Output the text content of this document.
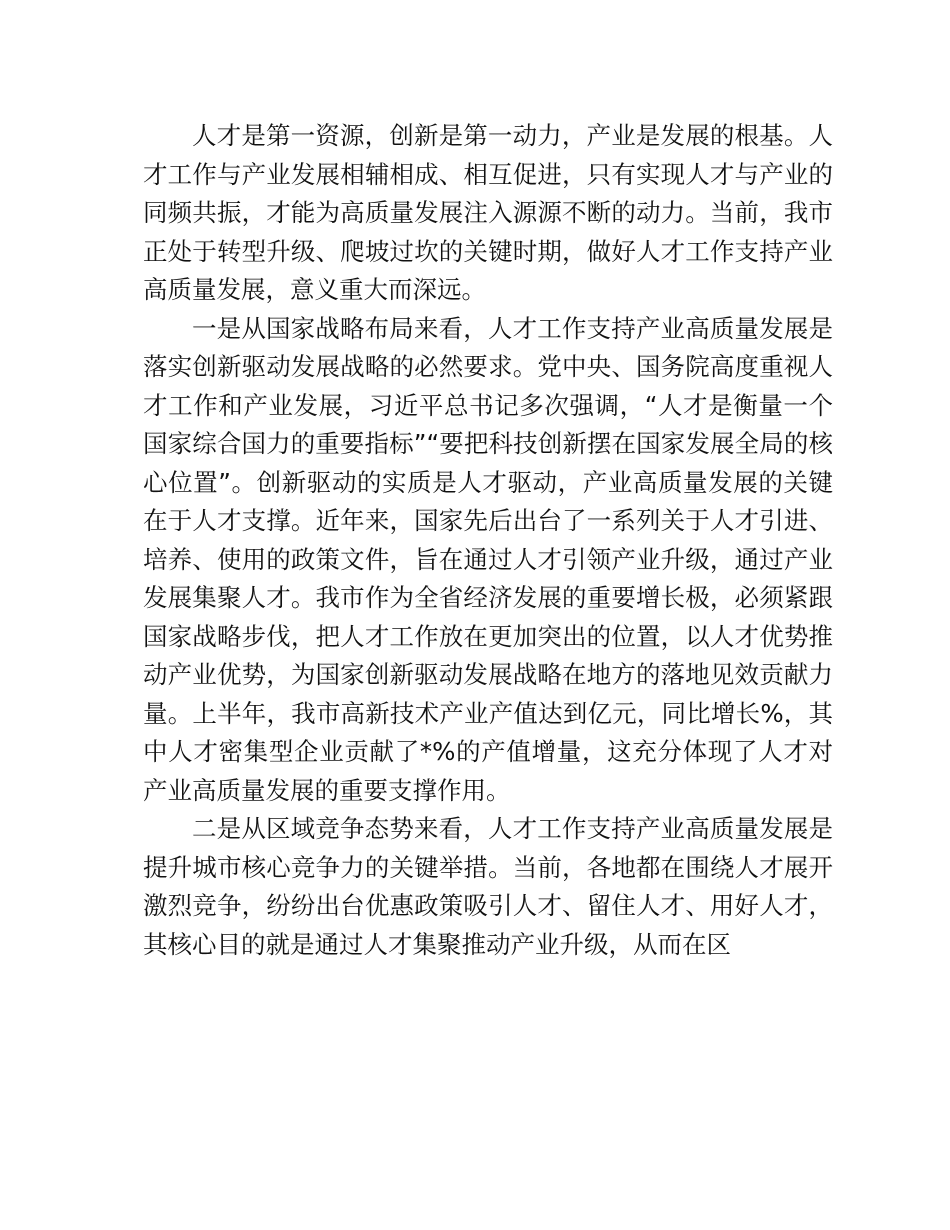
人才是第一资源，创新是第一动力，产业是发展的根基。人才工作与产业发展相辅相成、相互促进，只有实现人才与产业的同频共振，才能为高质量发展注入源源不断的动力。当前，我市正处于转型升级、爬坡过坎的关键时期，做好人才工作支持产业高质量发展，意义重大而深远。

一是从国家战略布局来看，人才工作支持产业高质量发展是落实创新驱动发展战略的必然要求。党中央、国务院高度重视人才工作和产业发展，习近平总书记多次强调，“人才是衡量一个国家综合国力的重要指标”“要把科技创新摆在国家发展全局的核心位置”。创新驱动的实质是人才驱动，产业高质量发展的关键在于人才支撑。近年来，国家先后出台了一系列关于人才引进、培养、使用的政策文件，旨在通过人才引领产业升级，通过产业发展集聚人才。我市作为全省经济发展的重要增长极，必须紧跟国家战略步伐，把人才工作放在更加突出的位置，以人才优势推动产业优势，为国家创新驱动发展战略在地方的落地见效贡献力量。上半年，我市高新技术产业产值达到亿元，同比增长%，其中人才密集型企业贡献了*%的产值增量，这充分体现了人才对产业高质量发展的重要支撑作用。

二是从区域竞争态势来看，人才工作支持产业高质量发展是提升城市核心竞争力的关键举措。当前，各地都在围绕人才展开激烈竞争，纷纷出台优惠政策吸引人才、留住人才、用好人才，其核心目的就是通过人才集聚推动产业升级，从而在区
